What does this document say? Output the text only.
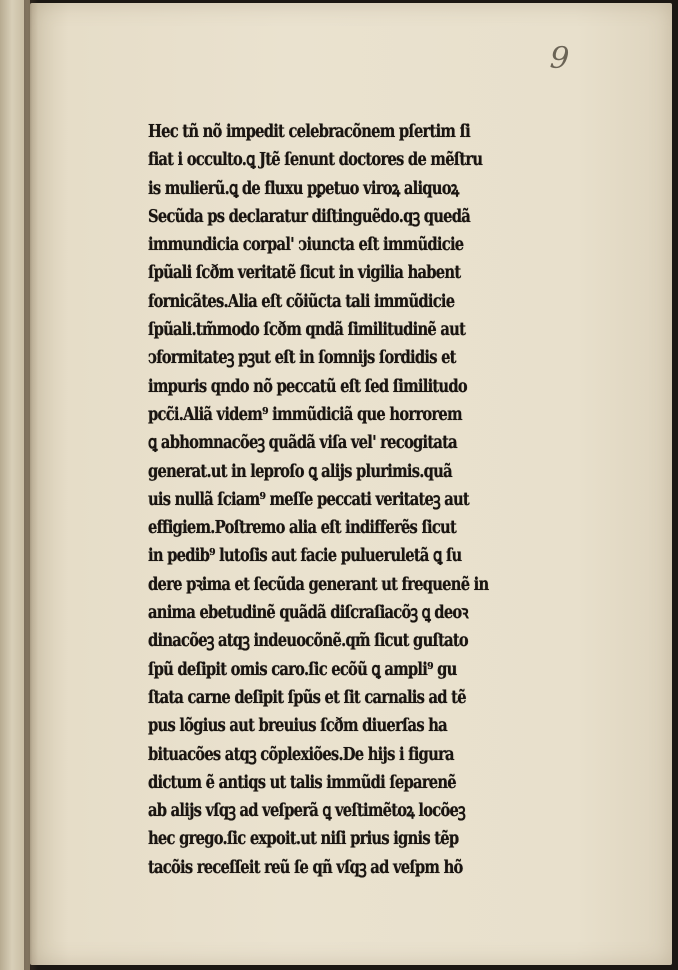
9
Hec tñ nõ impedit celebracõnem pſertim ſi
fiat i occulto.ꝗ Jtẽ ſenunt doctores de mẽſtru
is mulierũ.ꝗ de fluxu pꝑetuo viroꝝ aliquoꝝ
Secũda ps declaratur diſtinguẽdo.qꝫ quedã
immundicia corpal' ↄiuncta eſt immũdicie
ſpũali ſcðm veritatẽ ſicut in vigilia habent
fornicãtes.Alia eſt cõiũcta tali immũdicie
ſpũali.tm̃modo ſcðm qndã ſimilitudinẽ aut
ↄformitateꝫ pꝫut eſt in ſomnijs ſordidis et
impuris qndo nõ peccatũ eſt ſed ſimilitudo
pcc̃i.Aliã videm⁹ immũdiciã que horrorem
ꝗ abhomnacõeꝫ quãdã viſa vel' recogitata
generat.ut in leproſo ꝗ alijs plurimis.quã
uis nullã ſciam⁹ meſſe peccati veritateꝫ aut
effigiem.Poſtremo alia eſt indifferẽs ſicut
in pedib⁹ lutoſis aut facie pulueruletã ꝗ ſu
dere pꝛima et ſecũda generant ut frequenẽ in
anima ebetudinẽ quãdã diſcraſiacõꝫ ꝗ deoꝛ
dinacõeꝫ atqꝫ indeuocõnẽ.qm̃ ſicut guſtato
ſpũ deſipit omis caro.ſic ecõũ ꝗ ampli⁹ gu
ſtata carne deſipit ſpũs et ſit carnalis ad tẽ
pus lõgius aut breuius ſcðm diuerſas ha
bituacões atqꝫ cõplexiões.De hijs i figura
dictum ẽ antiqs ut talis immũdi ſeparenẽ
ab alijs vſqꝫ ad veſperã ꝗ veſtimẽtoꝝ locõeꝫ
hec grego.ſic expoit.ut niſi prius ignis tẽp
tacõis receſſeit reũ ſe qñ vſqꝫ ad veſpm hõ
